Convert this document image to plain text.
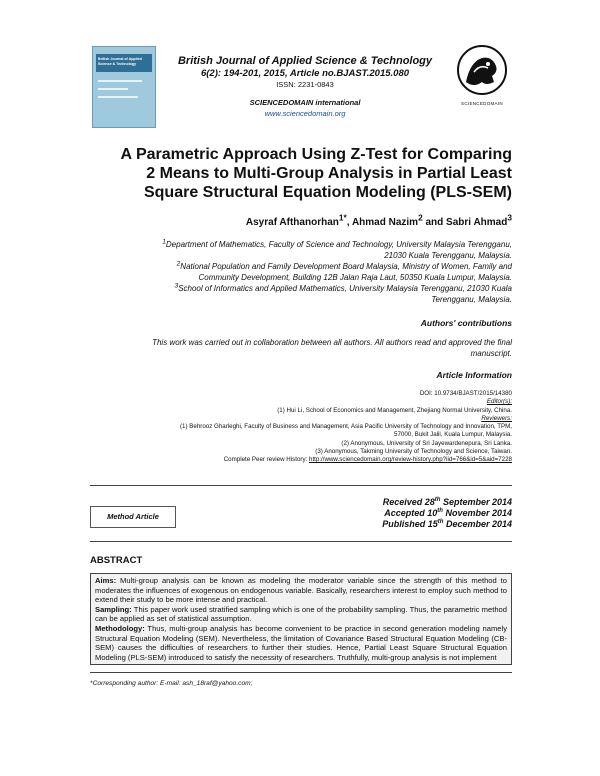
British Journal of Applied
Science & Technology	British Journal of Applied Science & Technology
6(2): 194-201, 2015, Article no.BJAST.2015.080
ISSN: 2231-0843
SCIENCEDOMAIN international
www.sciencedomain.org
SCIENCEDOMAIN
A Parametric Approach Using Z-Test for Comparing
2 Means to Multi-Group Analysis in Partial Least
Square Structural Equation Modeling (PLS-SEM)
Asyraf Afthanorhan$^{1*}$, Ahmad Nazim$^2$ and Sabri Ahmad$^3$

$^1$Department of Mathematics, Faculty of Science and Technology, University Malaysia Terengganu,
21030 Kuala Terengganu, Malaysia.

$^2$National Population and Family Development Board Malaysia, Ministry of Women, Family and
Community Development, Building 12B Jalan Raja Laut, 50350 Kuala Lumpur, Malaysia.

$^3$School of Informatics and Applied Mathematics, University Malaysia Terengganu, 21030 Kuala
Terengganu, Malaysia.

Authors' contributions
This work was carried out in collaboration between all authors. All authors read and approved the final
manuscript.
Article Information
DOI: 10.9734/BJAST/2015/14380
Editor(s):
(1) Hui Li, School of Economics and Management, Zhejiang Normal University, China.
Reviewers:
(1) Behrooz Gharleghi, Faculty of Business and Management, Asia Pacific University of Technology and Innovation, TPM,
57000, Bukit Jalil, Kuala Lumpur, Malaysia.
(2) Anonymous, University of Sri Jayewardenepura, Sri Lanka.
(3) Anonymous, Takming University of Technology and Science, Taiwan.
Complete Peer review History: http://www.sciencedomain.org/review-history.php?iid=766&id=5&aid=7228
Method Article
Received 28th September 2014
Accepted 10th November 2014
Published 15th December 2014
ABSTRACT

Aims: Multi-group analysis can be known as modeling the moderator variable since the strength of this method to moderates the influences of exogenous on endogenous variable. Basically, researchers interest to employ such method to extend their study to be more intense and practical.

Sampling: This paper work used stratified sampling which is one of the probability sampling. Thus, the parametric method can be applied as set of statistical assumption.

Methodology: Thus, multi-group analysis has become convenient to be practice in second generation modeling namely Structural Equation Modeling (SEM). Nevertheless, the limitation of Covariance Based Structural Equation Modeling (CB-SEM) causes the difficulties of researchers to further their studies. Hence, Partial Least Square Structural Equation Modeling (PLS-SEM) introduced to satisfy the necessity of researchers. Truthfully, multi-group analysis is not implement

*Corresponding author: E-mail: ash_18raf@yahoo.com;
